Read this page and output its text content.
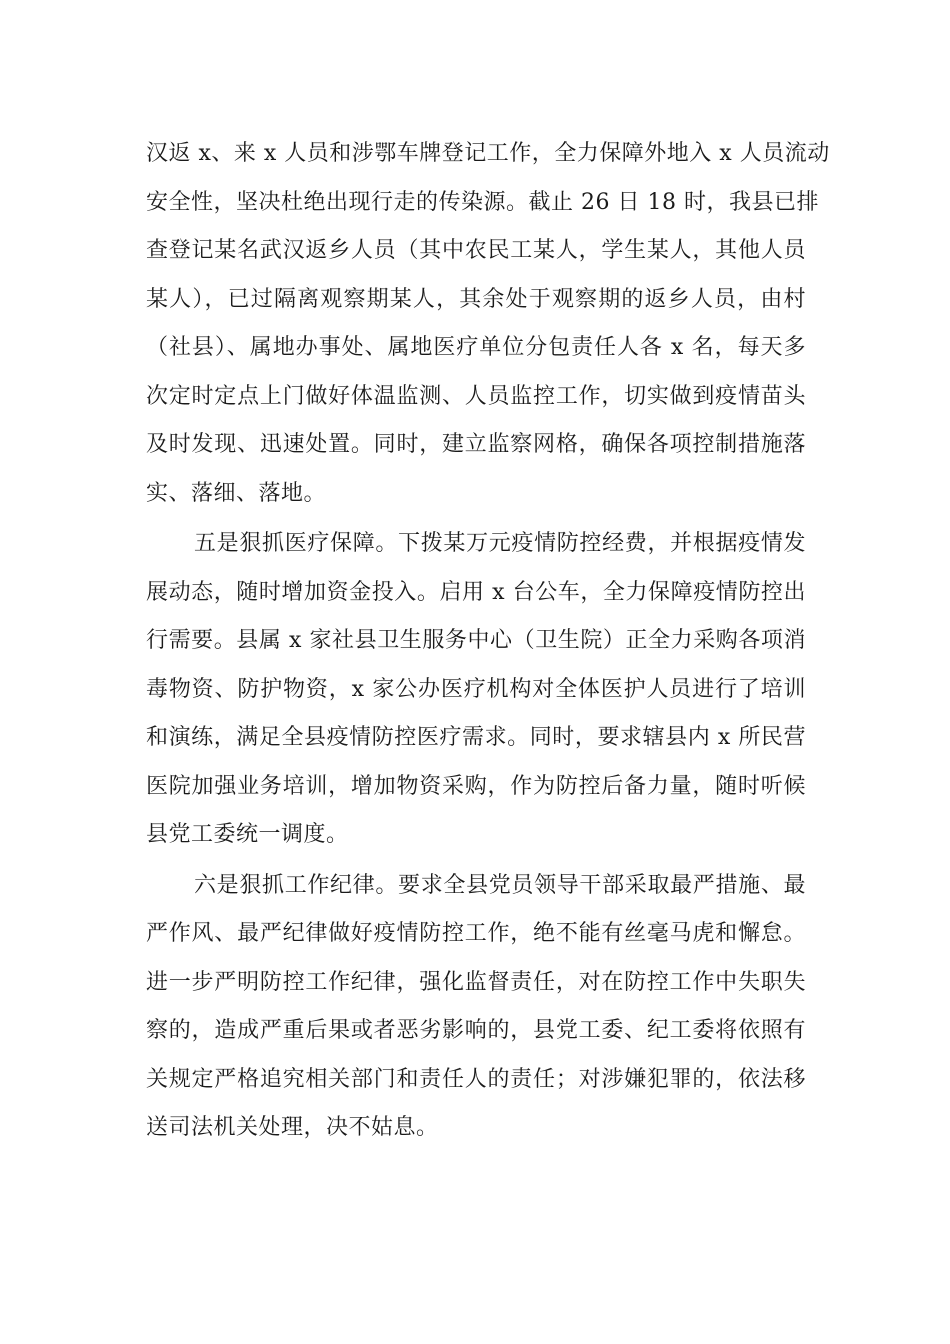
汉返 x、来 x 人员和涉鄂车牌登记工作，全力保障外地入 x 人员流动
安全性，坚决杜绝出现行走的传染源。截止 26 日 18 时，我县已排
查登记某名武汉返乡人员（其中农民工某人，学生某人，其他人员
某人），已过隔离观察期某人，其余处于观察期的返乡人员，由村
（社县）、属地办事处、属地医疗单位分包责任人各 x 名，每天多
次定时定点上门做好体温监测、人员监控工作，切实做到疫情苗头
及时发现、迅速处置。同时，建立监察网格，确保各项控制措施落
实、落细、落地。
五是狠抓医疗保障。下拨某万元疫情防控经费，并根据疫情发
展动态，随时增加资金投入。启用 x 台公车，全力保障疫情防控出
行需要。县属 x 家社县卫生服务中心（卫生院）正全力采购各项消
毒物资、防护物资，x 家公办医疗机构对全体医护人员进行了培训
和演练，满足全县疫情防控医疗需求。同时，要求辖县内 x 所民营
医院加强业务培训，增加物资采购，作为防控后备力量，随时听候
县党工委统一调度。
六是狠抓工作纪律。要求全县党员领导干部采取最严措施、最
严作风、最严纪律做好疫情防控工作，绝不能有丝毫马虎和懈怠。
进一步严明防控工作纪律，强化监督责任，对在防控工作中失职失
察的，造成严重后果或者恶劣影响的，县党工委、纪工委将依照有
关规定严格追究相关部门和责任人的责任；对涉嫌犯罪的，依法移
送司法机关处理，决不姑息。
